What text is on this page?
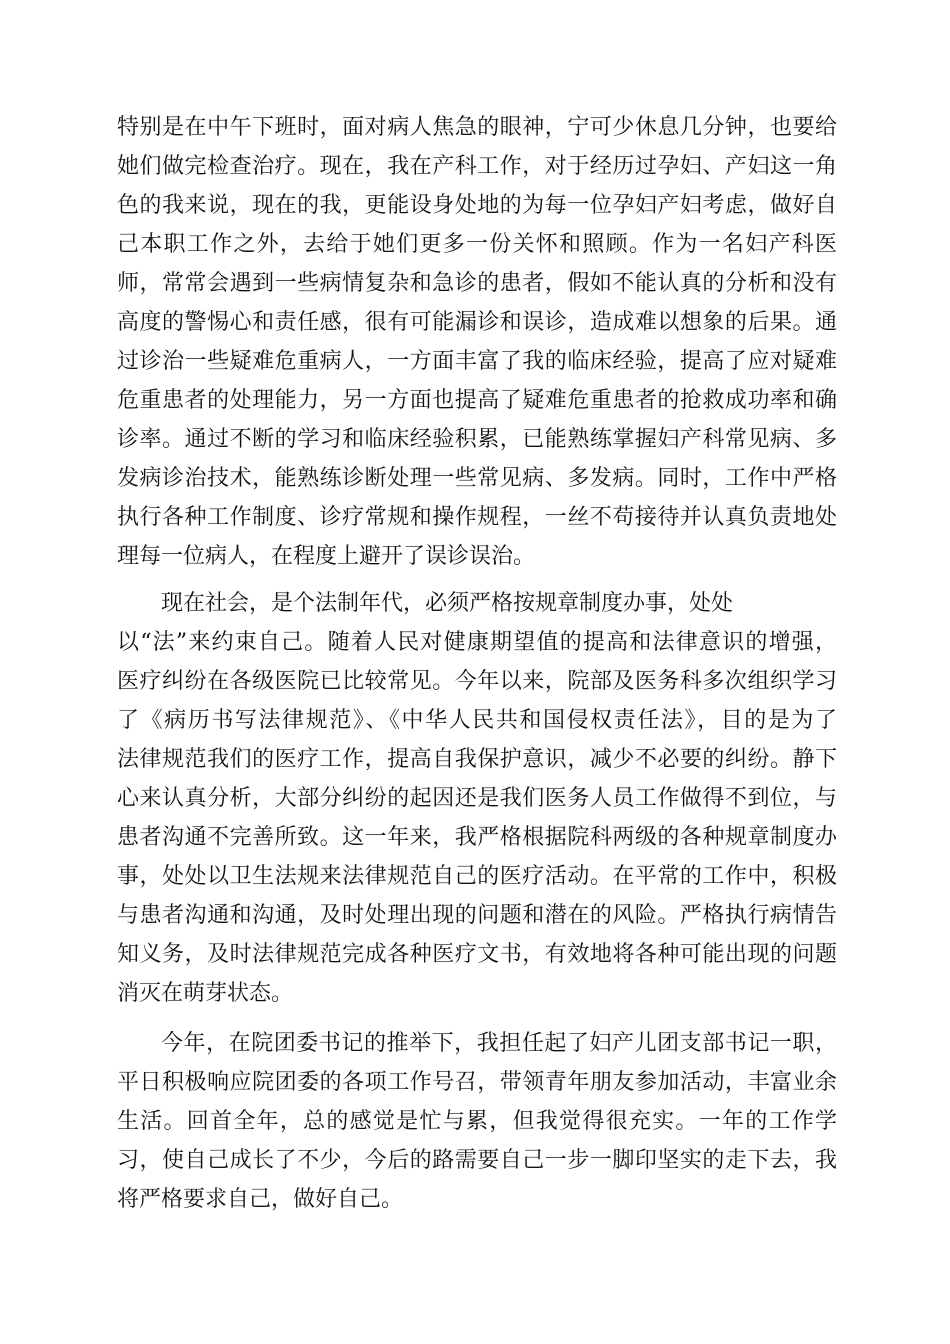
特别是在中午下班时，面对病人焦急的眼神，宁可少休息几分钟，也要给
她们做完检查治疗。现在，我在产科工作，对于经历过孕妇、产妇这一角
色的我来说，现在的我，更能设身处地的为每一位孕妇产妇考虑，做好自
己本职工作之外，去给于她们更多一份关怀和照顾。作为一名妇产科医
师，常常会遇到一些病情复杂和急诊的患者，假如不能认真的分析和没有
高度的警惕心和责任感，很有可能漏诊和误诊，造成难以想象的后果。通
过诊治一些疑难危重病人，一方面丰富了我的临床经验，提高了应对疑难
危重患者的处理能力，另一方面也提高了疑难危重患者的抢救成功率和确
诊率。通过不断的学习和临床经验积累，已能熟练掌握妇产科常见病、多
发病诊治技术，能熟练诊断处理一些常见病、多发病。同时，工作中严格
执行各种工作制度、诊疗常规和操作规程，一丝不苟接待并认真负责地处
理每一位病人，在程度上避开了误诊误治。
现在社会，是个法制年代，必须严格按规章制度办事，处处
以“法”来约束自己。随着人民对健康期望值的提高和法律意识的增强，
医疗纠纷在各级医院已比较常见。今年以来，院部及医务科多次组织学习
了《病历书写法律规范》、《中华人民共和国侵权责任法》，目的是为了
法律规范我们的医疗工作，提高自我保护意识，减少不必要的纠纷。静下
心来认真分析，大部分纠纷的起因还是我们医务人员工作做得不到位，与
患者沟通不完善所致。这一年来，我严格根据院科两级的各种规章制度办
事，处处以卫生法规来法律规范自己的医疗活动。在平常的工作中，积极
与患者沟通和沟通，及时处理出现的问题和潜在的风险。严格执行病情告
知义务，及时法律规范完成各种医疗文书，有效地将各种可能出现的问题
消灭在萌芽状态。
今年，在院团委书记的推举下，我担任起了妇产儿团支部书记一职，
平日积极响应院团委的各项工作号召，带领青年朋友参加活动，丰富业余
生活。回首全年，总的感觉是忙与累，但我觉得很充实。一年的工作学
习，使自己成长了不少，今后的路需要自己一步一脚印坚实的走下去，我
将严格要求自己，做好自己。
